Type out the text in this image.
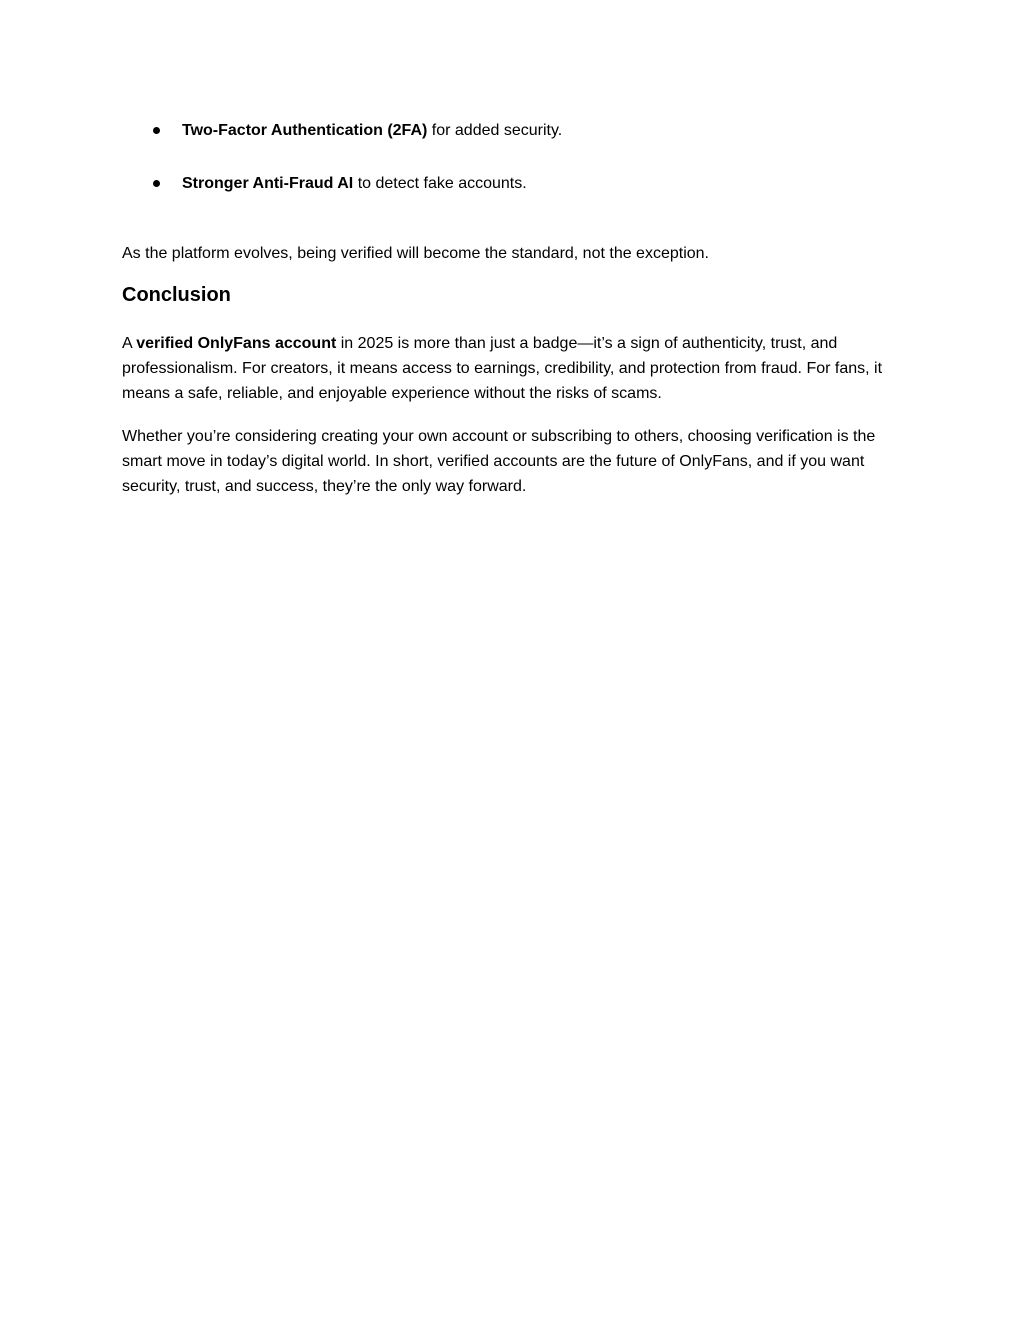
Two-Factor Authentication (2FA) for added security.
Stronger Anti-Fraud AI to detect fake accounts.

As the platform evolves, being verified will become the standard, not the exception.

Conclusion

A verified OnlyFans account in 2025 is more than just a badge—it’s a sign of authenticity, trust, and professionalism. For creators, it means access to earnings, credibility, and protection from fraud. For fans, it means a safe, reliable, and enjoyable experience without the risks of scams.

Whether you’re considering creating your own account or subscribing to others, choosing verification is the smart move in today’s digital world. In short, verified accounts are the future of OnlyFans, and if you want security, trust, and success, they’re the only way forward.
